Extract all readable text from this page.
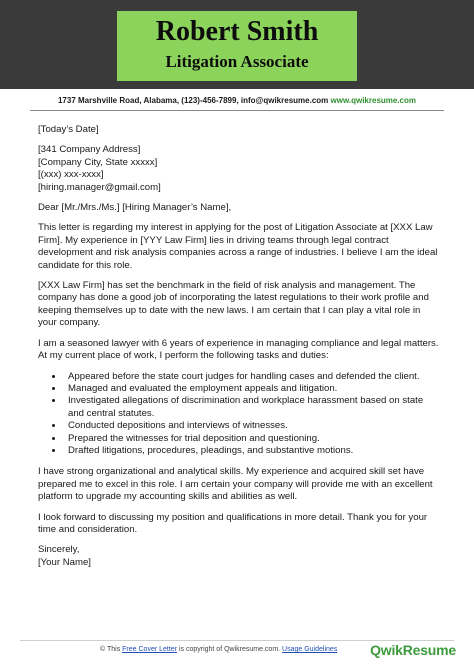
Robert Smith
Litigation Associate
1737 Marshville Road, Alabama, (123)-456-7899, info@qwikresume.com www.qwikresume.com
[Today’s Date]
[341 Company Address]
[Company City, State xxxxx]
[(xxx) xxx-xxxx]
[hiring.manager@gmail.com]

Dear [Mr./Mrs./Ms.] [Hiring Manager’s Name],

This letter is regarding my interest in applying for the post of Litigation Associate at [XXX Law Firm]. My experience in [YYY Law Firm] lies in driving teams through legal contract development and risk analysis companies across a range of industries. I believe I am the ideal candidate for this role.

[XXX Law Firm] has set the benchmark in the field of risk analysis and management. The company has done a good job of incorporating the latest regulations to their work profile and keeping themselves up to date with the new laws. I am certain that I can play a vital role in your company.

I am a seasoned lawyer with 6 years of experience in managing compliance and legal matters. At my current place of work, I perform the following tasks and duties:

• Appeared before the state court judges for handling cases and defended the client.
• Managed and evaluated the employment appeals and litigation.
• Investigated allegations of discrimination and workplace harassment based on state and central statutes.
• Conducted depositions and interviews of witnesses.
• Prepared the witnesses for trial deposition and questioning.
• Drafted litigations, procedures, pleadings, and substantive motions.

I have strong organizational and analytical skills. My experience and acquired skill set have prepared me to excel in this role. I am certain your company will provide me with an excellent platform to upgrade my accounting skills and abilities as well.

I look forward to discussing my position and qualifications in more detail. Thank you for your time and consideration.

Sincerely,
[Your Name]
© This Free Cover Letter is copyright of Qwikresume.com. Usage Guidelines QwikResume
